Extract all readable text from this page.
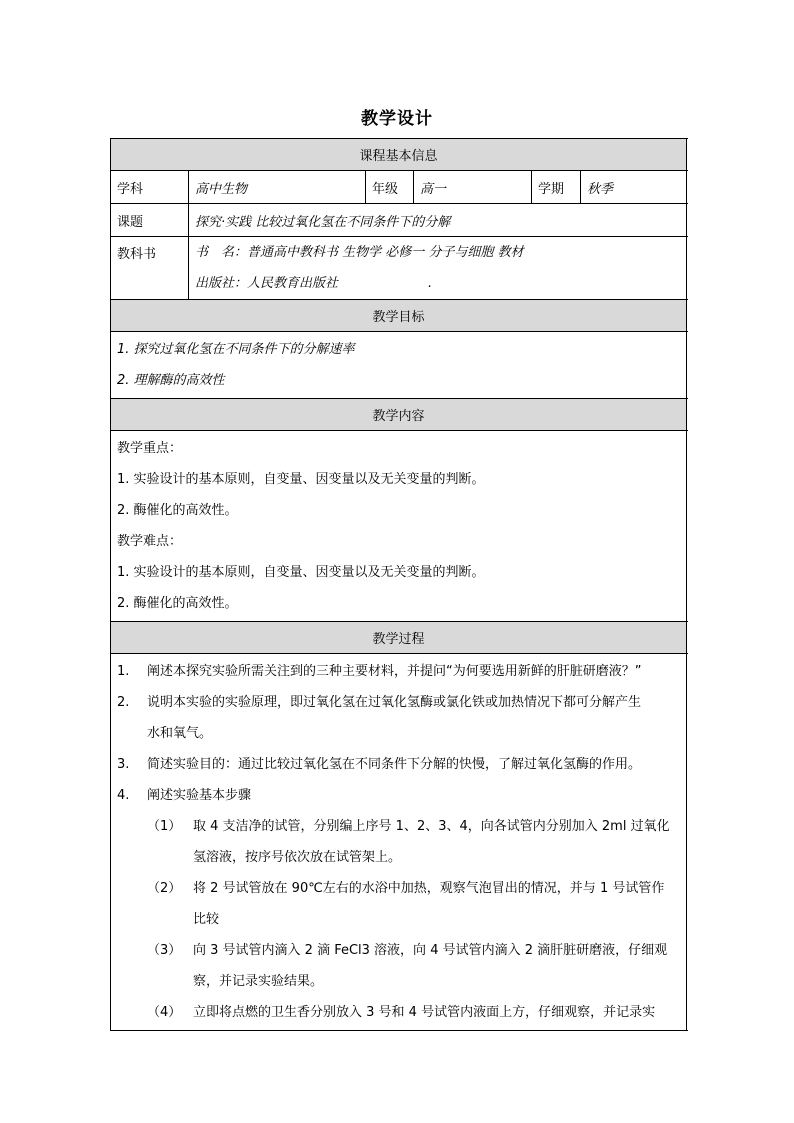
教学设计
课程基本信息
学科	高中生物	年级	高一	学期	秋季
课题	探究·实践 比较过氧化氢在不同条件下的分解
教科书	书　名：普通高中教科书 生物学 必修一 分子与细胞 教材
出版社：人民教育出版社	.
教学目标
1. 探究过氧化氢在不同条件下的分解速率
2. 理解酶的高效性
教学内容
教学重点：
1. 实验设计的基本原则，自变量、因变量以及无关变量的判断。
2. 酶催化的高效性。
教学难点：
1. 实验设计的基本原则，自变量、因变量以及无关变量的判断。
2. 酶催化的高效性。
教学过程
1.	阐述本探究实验所需关注到的三种主要材料，并提问“为何要选用新鲜的肝脏研磨液？”
2.	说明本实验的实验原理，即过氧化氢在过氧化氢酶或氯化铁或加热情况下都可分解产生
水和氧气。
3.	简述实验目的：通过比较过氧化氢在不同条件下分解的快慢，了解过氧化氢酶的作用。
4.	阐述实验基本步骤
（1） 取 4 支洁净的试管，分别编上序号 1、2、3、4，向各试管内分别加入 2ml 过氧化
氢溶液，按序号依次放在试管架上。
（2） 将 2 号试管放在 90℃左右的水浴中加热，观察气泡冒出的情况，并与 1 号试管作
比较
（3） 向 3 号试管内滴入 2 滴 FeCl3 溶液，向 4 号试管内滴入 2 滴肝脏研磨液，仔细观
察，并记录实验结果。
（4） 立即将点燃的卫生香分别放入 3 号和 4 号试管内液面上方，仔细观察，并记录实
